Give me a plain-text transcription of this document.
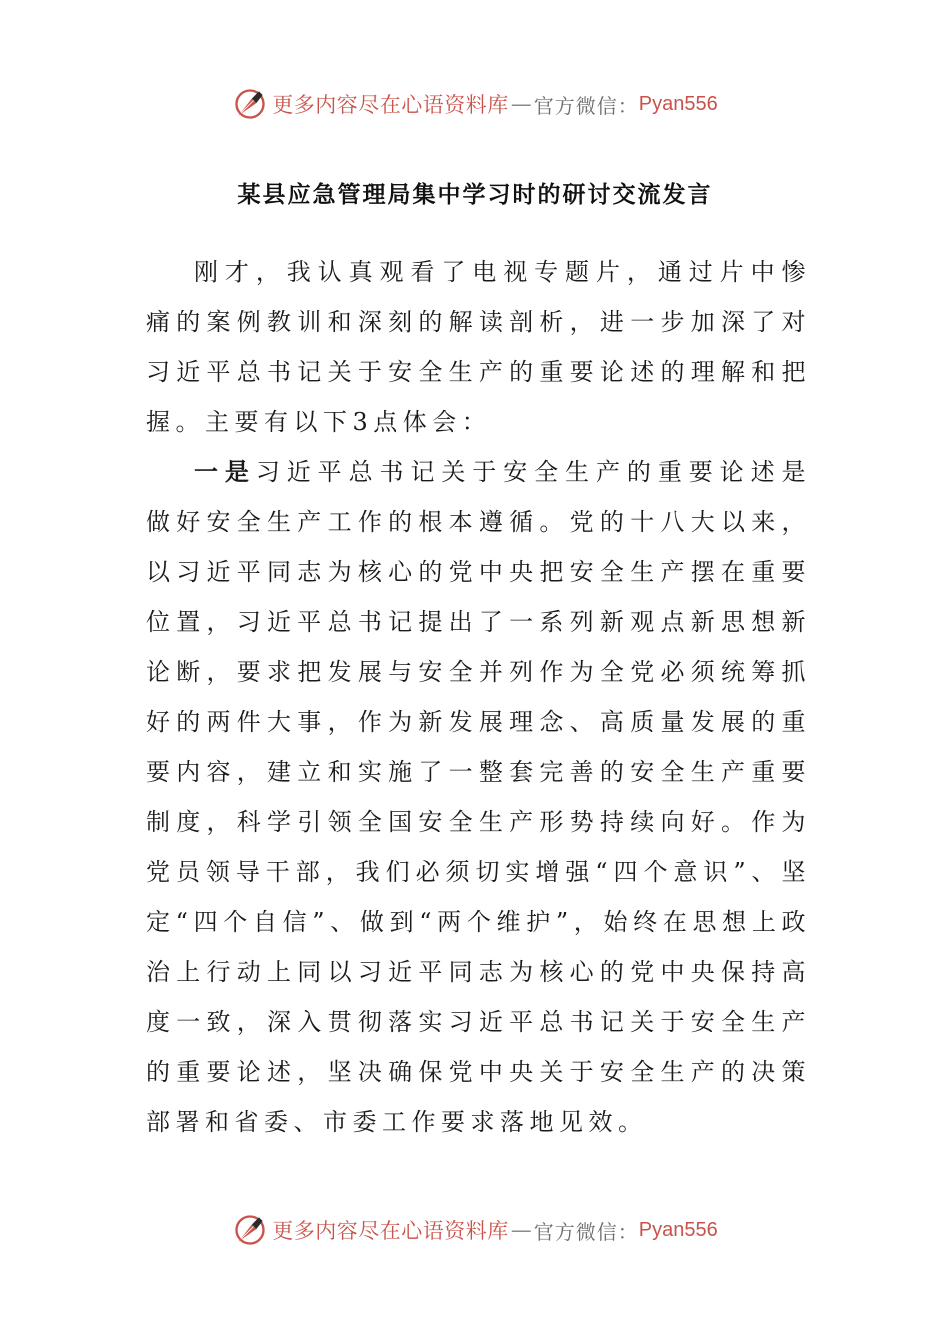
更多内容尽在心语资料库 — 官方微信： Pyan556
某县应急管理局集中学习时的研讨交流发言

刚才，我认真观看了电视专题片，通过片中惨痛的案例教训和深刻的解读剖析，进一步加深了对习近平总书记关于安全生产的重要论述的理解和把握。主要有以下3点体会：

一是习近平总书记关于安全生产的重要论述是做好安全生产工作的根本遵循。党的十八大以来，以习近平同志为核心的党中央把安全生产摆在重要位置，习近平总书记提出了一系列新观点新思想新论断，要求把发展与安全并列作为全党必须统筹抓好的两件大事，作为新发展理念、高质量发展的重要内容，建立和实施了一整套完善的安全生产重要制度，科学引领全国安全生产形势持续向好。作为党员领导干部，我们必须切实增强“四个意识”、坚定“四个自信”、做到“两个维护”，始终在思想上政治上行动上同以习近平同志为核心的党中央保持高度一致，深入贯彻落实习近平总书记关于安全生产的重要论述，坚决确保党中央关于安全生产的决策部署和省委、市委工作要求落地见效。

更多内容尽在心语资料库 — 官方微信： Pyan556
